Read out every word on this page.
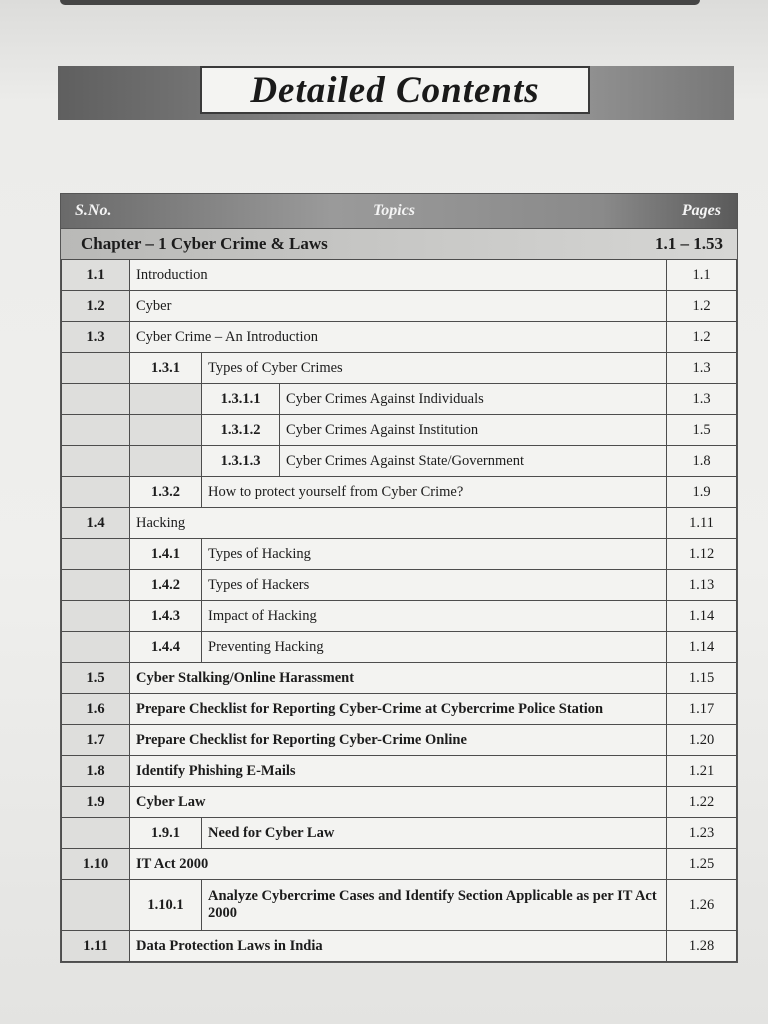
Detailed Contents
S.No.	Topics	Pages
Chapter – 1 Cyber Crime & Laws	1.1 – 1.53
1.1	Introduction			1.1
1.2	Cyber			1.2
1.3	Cyber Crime – An Introduction			1.2
	1.3.1	Types of Cyber Crimes		1.3
		1.3.1.1	Cyber Crimes Against Individuals	1.3
		1.3.1.2	Cyber Crimes Against Institution	1.5
		1.3.1.3	Cyber Crimes Against State/Government	1.8
	1.3.2	How to protect yourself from Cyber Crime?		1.9
1.4	Hacking			1.11
	1.4.1	Types of Hacking		1.12
	1.4.2	Types of Hackers		1.13
	1.4.3	Impact of Hacking		1.14
	1.4.4	Preventing Hacking		1.14
1.5	Cyber Stalking/Online Harassment			1.15
1.6	Prepare Checklist for Reporting Cyber-Crime at Cybercrime Police Station			1.17
1.7	Prepare Checklist for Reporting Cyber-Crime Online			1.20
1.8	Identify Phishing E-Mails			1.21
1.9	Cyber Law			1.22
	1.9.1	Need for Cyber Law		1.23
1.10	IT Act 2000			1.25
	1.10.1	Analyze Cybercrime Cases and Identify Section Applicable as per IT Act 2000		1.26
1.11	Data Protection Laws in India			1.28
